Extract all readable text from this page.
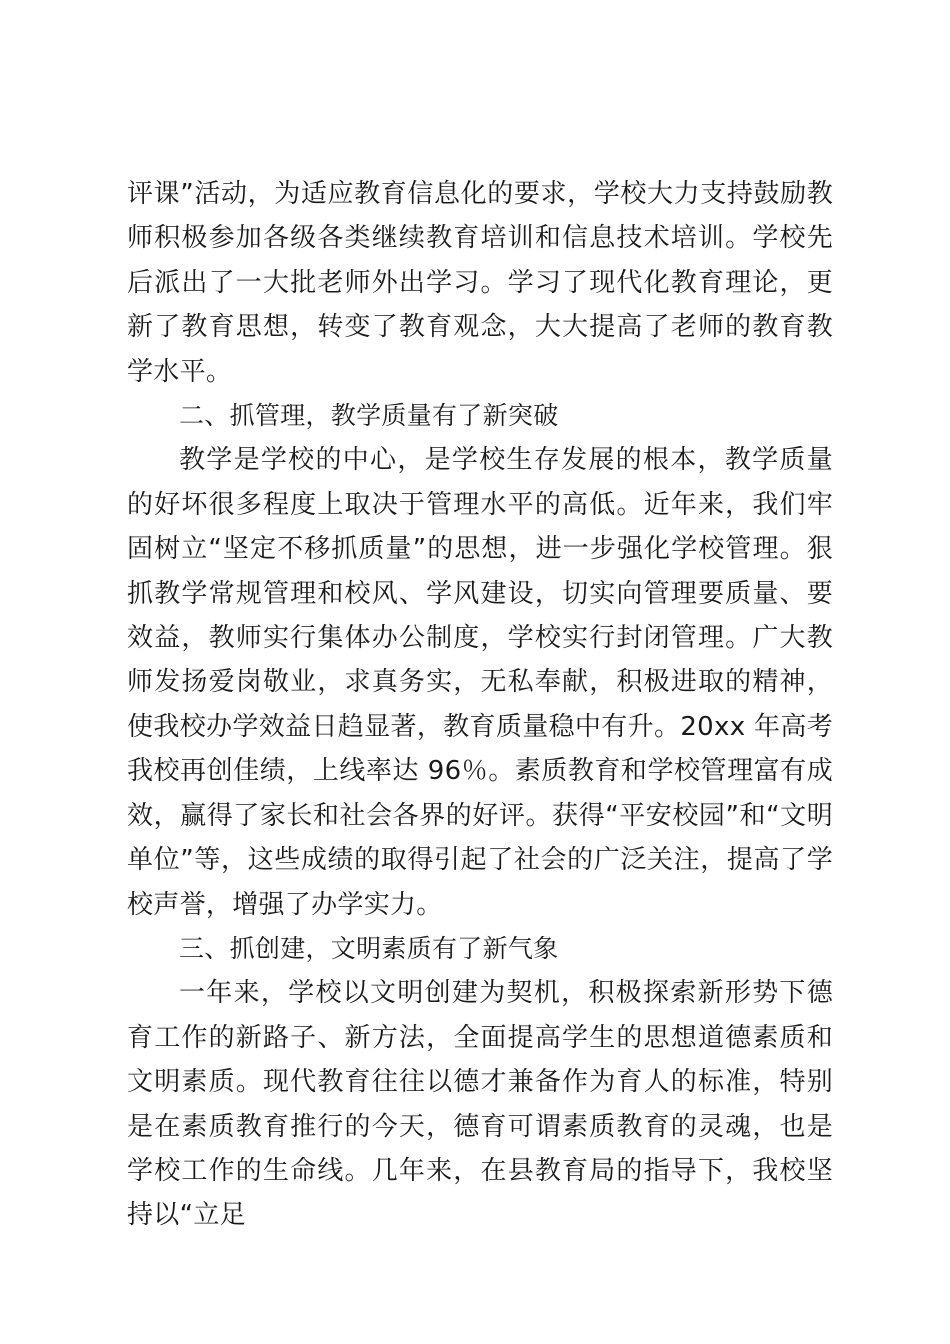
评课”活动，为适应教育信息化的要求，学校大力支持鼓励教师积极参加各级各类继续教育培训和信息技术培训。学校先后派出了一大批老师外出学习。学习了现代化教育理论，更新了教育思想，转变了教育观念，大大提高了老师的教育教学水平。

二、抓管理，教学质量有了新突破

教学是学校的中心，是学校生存发展的根本，教学质量的好坏很多程度上取决于管理水平的高低。近年来，我们牢固树立“坚定不移抓质量”的思想，进一步强化学校管理。狠抓教学常规管理和校风、学风建设，切实向管理要质量、要效益，教师实行集体办公制度，学校实行封闭管理。广大教师发扬爱岗敬业，求真务实，无私奉献，积极进取的精神，使我校办学效益日趋显著，教育质量稳中有升。20xx 年高考我校再创佳绩，上线率达 96％。素质教育和学校管理富有成效，赢得了家长和社会各界的好评。获得“平安校园”和“文明单位”等，这些成绩的取得引起了社会的广泛关注，提高了学校声誉，增强了办学实力。

三、抓创建，文明素质有了新气象

一年来，学校以文明创建为契机，积极探索新形势下德育工作的新路子、新方法，全面提高学生的思想道德素质和文明素质。现代教育往往以德才兼备作为育人的标准，特别是在素质教育推行的今天，德育可谓素质教育的灵魂，也是学校工作的生命线。几年来，在县教育局的指导下，我校坚持以“立足
